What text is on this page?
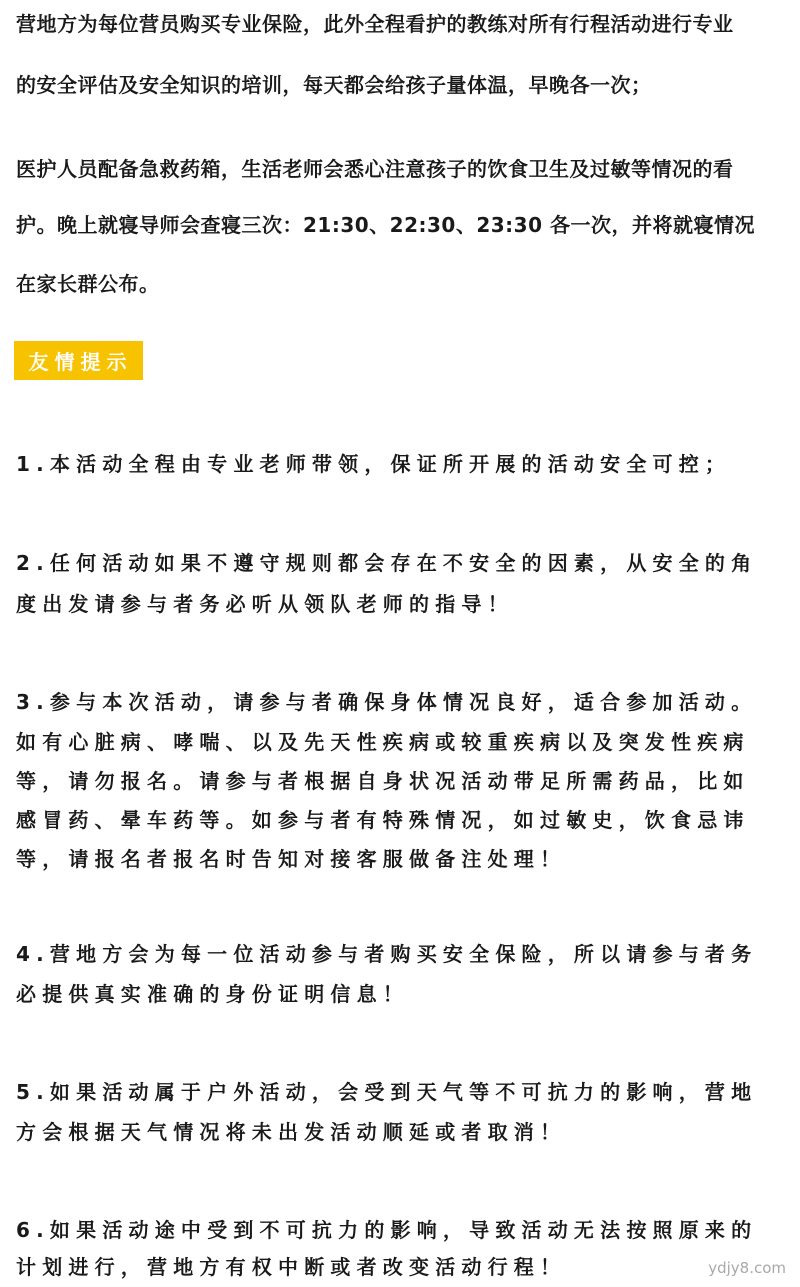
营地方为每位营员购买专业保险，此外全程看护的教练对所有行程活动进行专业
的安全评估及安全知识的培训，每天都会给孩子量体温，早晚各一次；
医护人员配备急救药箱，生活老师会悉心注意孩子的饮食卫生及过敏等情况的看
护。晚上就寝导师会查寝三次：21:30、22:30、23:30 各一次，并将就寝情况
在家长群公布。
友情提示
1.本活动全程由专业老师带领，保证所开展的活动安全可控；
2.任何活动如果不遵守规则都会存在不安全的因素，从安全的角
度出发请参与者务必听从领队老师的指导！
3.参与本次活动，请参与者确保身体情况良好，适合参加活动。
如有心脏病、哮喘、以及先天性疾病或较重疾病以及突发性疾病
等，请勿报名。请参与者根据自身状况活动带足所需药品，比如
感冒药、晕车药等。如参与者有特殊情况，如过敏史，饮食忌讳
等，请报名者报名时告知对接客服做备注处理！
4.营地方会为每一位活动参与者购买安全保险，所以请参与者务
必提供真实准确的身份证明信息！
5.如果活动属于户外活动，会受到天气等不可抗力的影响，营地
方会根据天气情况将未出发活动顺延或者取消！
6.如果活动途中受到不可抗力的影响，导致活动无法按照原来的
计划进行，营地方有权中断或者改变活动行程！	ydjy8.com
